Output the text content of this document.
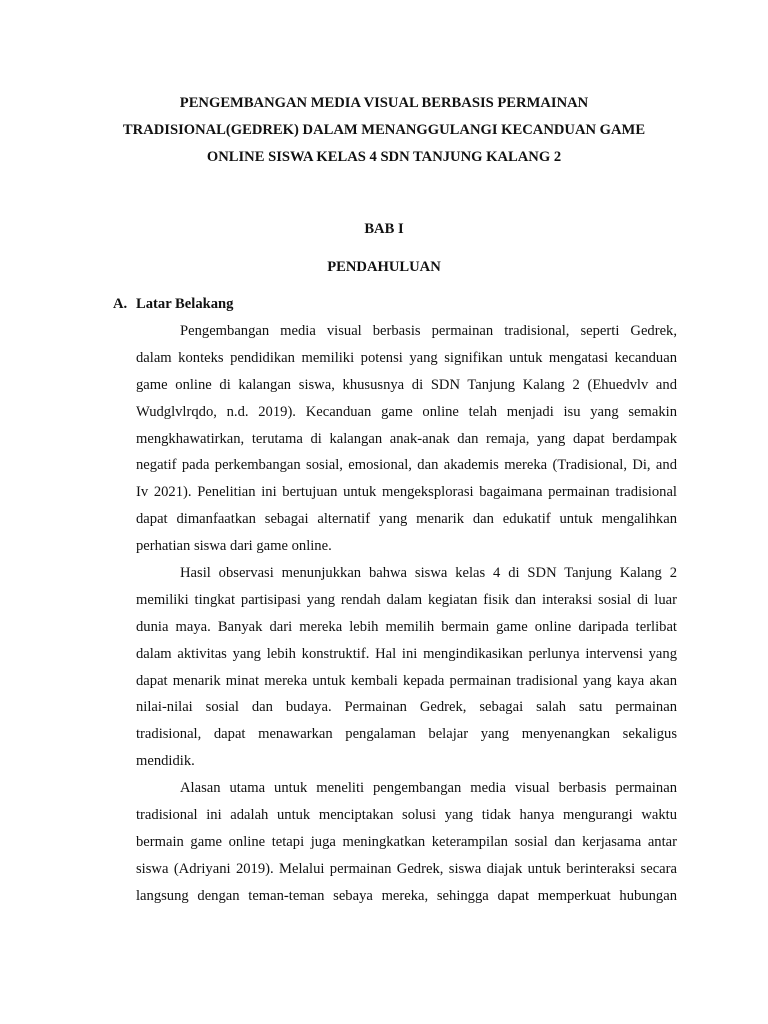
PENGEMBANGAN MEDIA VISUAL BERBASIS PERMAINAN
TRADISIONAL(GEDREK) DALAM MENANGGULANGI KECANDUAN GAME
ONLINE SISWA KELAS 4 SDN TANJUNG KALANG 2
BAB I
PENDAHULUAN
A. Latar Belakang
Pengembangan media visual berbasis permainan tradisional, seperti Gedrek,
dalam konteks pendidikan memiliki potensi yang signifikan untuk mengatasi kecanduan
game online di kalangan siswa, khususnya di SDN Tanjung Kalang 2 (Ehuedvlv and
Wudglvlrqdo, n.d. 2019). Kecanduan game online telah menjadi isu yang semakin
mengkhawatirkan, terutama di kalangan anak-anak dan remaja, yang dapat berdampak
negatif pada perkembangan sosial, emosional, dan akademis mereka (Tradisional, Di, and
Iv 2021). Penelitian ini bertujuan untuk mengeksplorasi bagaimana permainan tradisional
dapat dimanfaatkan sebagai alternatif yang menarik dan edukatif untuk mengalihkan
perhatian siswa dari game online.
Hasil observasi menunjukkan bahwa siswa kelas 4 di SDN Tanjung Kalang 2
memiliki tingkat partisipasi yang rendah dalam kegiatan fisik dan interaksi sosial di luar
dunia maya. Banyak dari mereka lebih memilih bermain game online daripada terlibat
dalam aktivitas yang lebih konstruktif. Hal ini mengindikasikan perlunya intervensi yang
dapat menarik minat mereka untuk kembali kepada permainan tradisional yang kaya akan
nilai-nilai sosial dan budaya. Permainan Gedrek, sebagai salah satu permainan
tradisional, dapat menawarkan pengalaman belajar yang menyenangkan sekaligus
mendidik.
Alasan utama untuk meneliti pengembangan media visual berbasis permainan
tradisional ini adalah untuk menciptakan solusi yang tidak hanya mengurangi waktu
bermain game online tetapi juga meningkatkan keterampilan sosial dan kerjasama antar
siswa (Adriyani 2019). Melalui permainan Gedrek, siswa diajak untuk berinteraksi secara
langsung dengan teman-teman sebaya mereka, sehingga dapat memperkuat hubungan
